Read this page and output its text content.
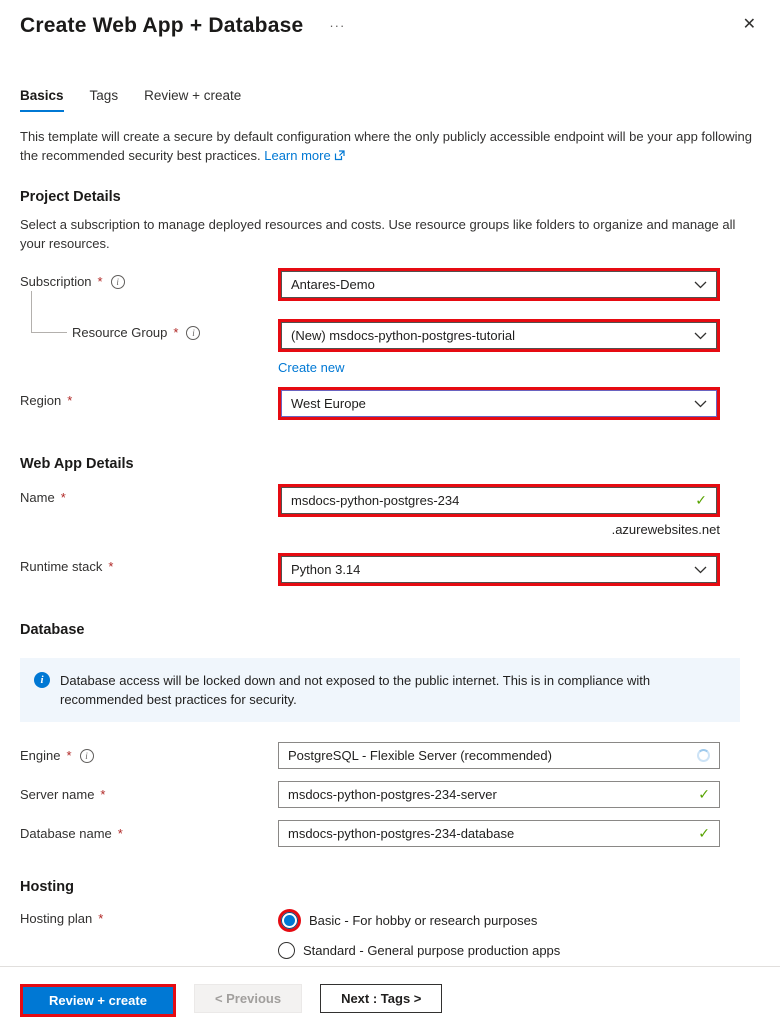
Create Web App + Database ···	✕
Basics Tags Review + create
This template will create a secure by default configuration where the only publicly accessible endpoint will be your app following the recommended security best practices. Learn more
Project Details
Select a subscription to manage deployed resources and costs. Use resource groups like folders to organize and manage all your resources.
Subscription *	i	Antares-Demo
Resource Group *	i	(New) msdocs-python-postgres-tutorial
Create new
Region *	West Europe
Web App Details
Name *	msdocs-python-postgres-234	✓
.azurewebsites.net
Runtime stack *	Python 3.14
Database
i	Database access will be locked down and not exposed to the public internet. This is in compliance with recommended best practices for security.
Engine *	i	PostgreSQL - Flexible Server (recommended)
Server name *	msdocs-python-postgres-234-server	✓
Database name *	msdocs-python-postgres-234-database	✓
Hosting
Hosting plan *	Basic - For hobby or research purposes
Standard - General purpose production apps
Review + create	< Previous	Next : Tags >
